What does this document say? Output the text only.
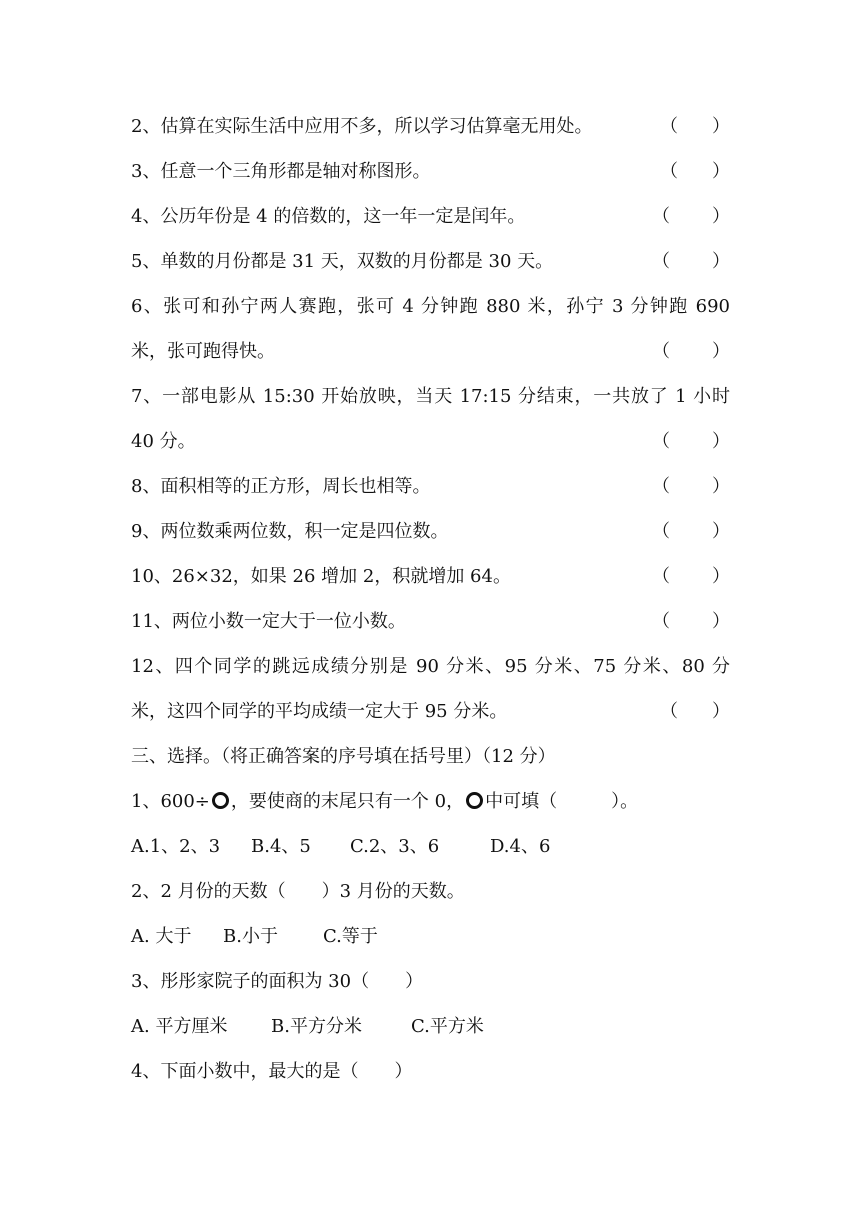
2、估算在实际生活中应用不多，所以学习估算毫无用处。	（ ）
3、任意一个三角形都是轴对称图形。	（ ）
4、公历年份是 4 的倍数的，这一年一定是闰年。	（ ）
5、单数的月份都是 31 天，双数的月份都是 30 天。	（ ）
6、张可和孙宁两人赛跑，张可 4 分钟跑 880 米，孙宁 3 分钟跑 690
米，张可跑得快。	（ ）
7、一部电影从 15:30 开始放映，当天 17:15 分结束，一共放了 1 小时
40 分。	（ ）
8、面积相等的正方形，周长也相等。	（ ）
9、两位数乘两位数，积一定是四位数。	（ ）
10、26×32，如果 26 增加 2，积就增加 64。	（ ）
11、两位小数一定大于一位小数。	（ ）
12、四个同学的跳远成绩分别是 90 分米、95 分米、75 分米、80 分
米，这四个同学的平均成绩一定大于 95 分米。	（ ）
三、选择。（将正确答案的序号填在括号里）（12 分）
1、600÷ ，要使商的末尾只有一个 0， 中可填（　　　）。
A.1、2、3 B.4、5 C.2、3、6	D.4、6
2、2 月份的天数（　　）3 月份的天数。
A. 大于 B.小于	C.等于
3、彤彤家院子的面积为 30（　　）
A. 平方厘米 B.平方分米	C.平方米
4、下面小数中，最大的是（　　）
